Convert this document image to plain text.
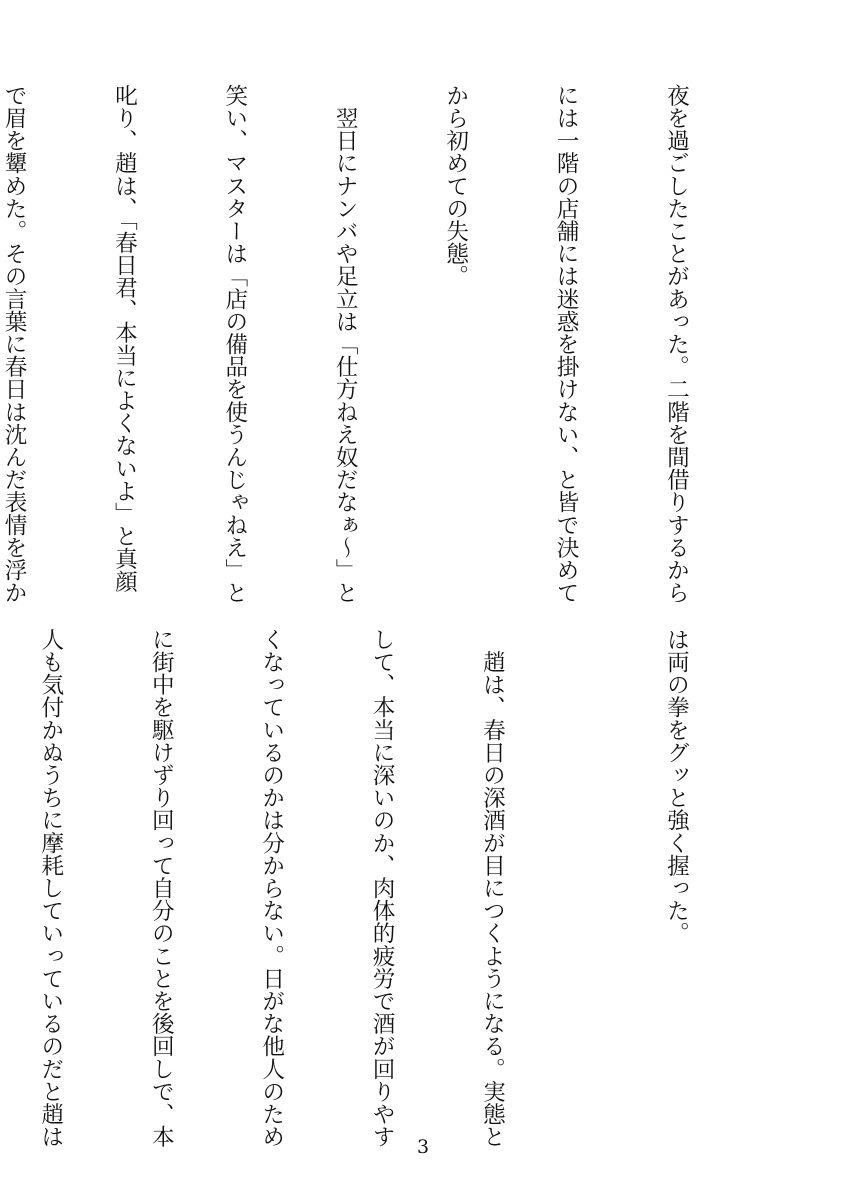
夜を過ごしたことがあった。二階を間借りするから

には一階の店舗には迷惑を掛けない、と皆で決めて

から初めての失態。

　翌日にナンバや足立は「仕方ねえ奴だなぁ〜」と

笑い、マスターは「店の備品を使うんじゃねえ」と

叱り、趙は、「春日君、本当によくないよ」と真顔

で眉を顰めた。その言葉に春日は沈んだ表情を浮か

は両の拳をグッと強く握った。

　趙は、春日の深酒が目につくようになる。実態と

して、本当に深いのか、肉体的疲労で酒が回りやす

くなっているのかは分からない。日がな他人のため

に街中を駆けずり回って自分のことを後回しで、本

人も気付かぬうちに摩耗していっているのだと趙は

	3
